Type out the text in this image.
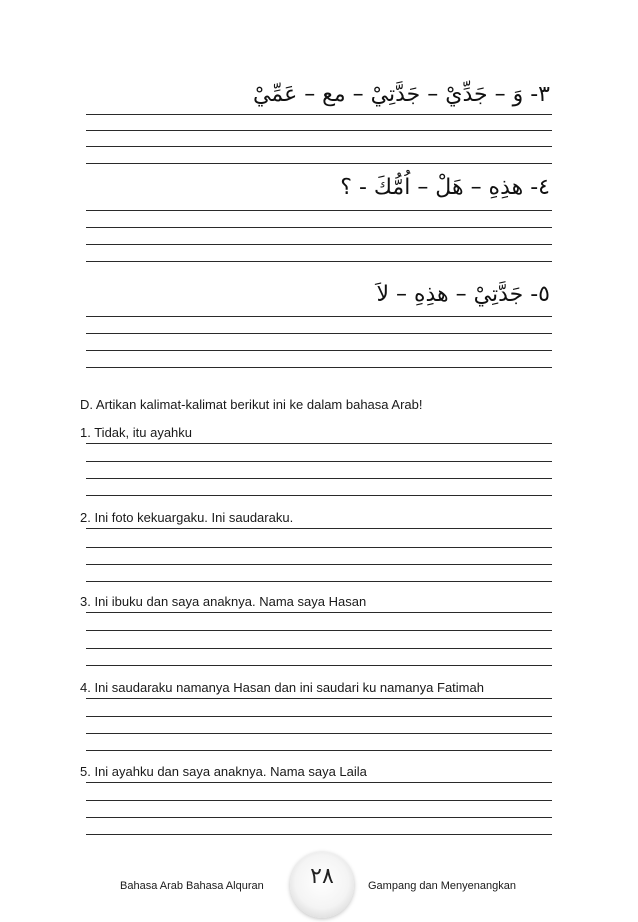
٣- وَ – جَدِّيْ – جَدَّتِيْ – مع – عَمِّيْ
٤- هذِهِ – هَلْ – اُمُّكَ - ؟
٥- جَدَّتِيْ – هذِهِ – لاَ
D. Artikan kalimat-kalimat berikut ini ke dalam bahasa Arab!
1. Tidak, itu ayahku
2. Ini foto kekuargaku. Ini saudaraku.
3. Ini ibuku dan saya anaknya. Nama saya Hasan
4. Ini saudaraku namanya Hasan dan ini saudari ku namanya Fatimah
5. Ini ayahku dan saya anaknya. Nama saya Laila
Bahasa Arab Bahasa Alquran	٢٨	Gampang dan Menyenangkan
